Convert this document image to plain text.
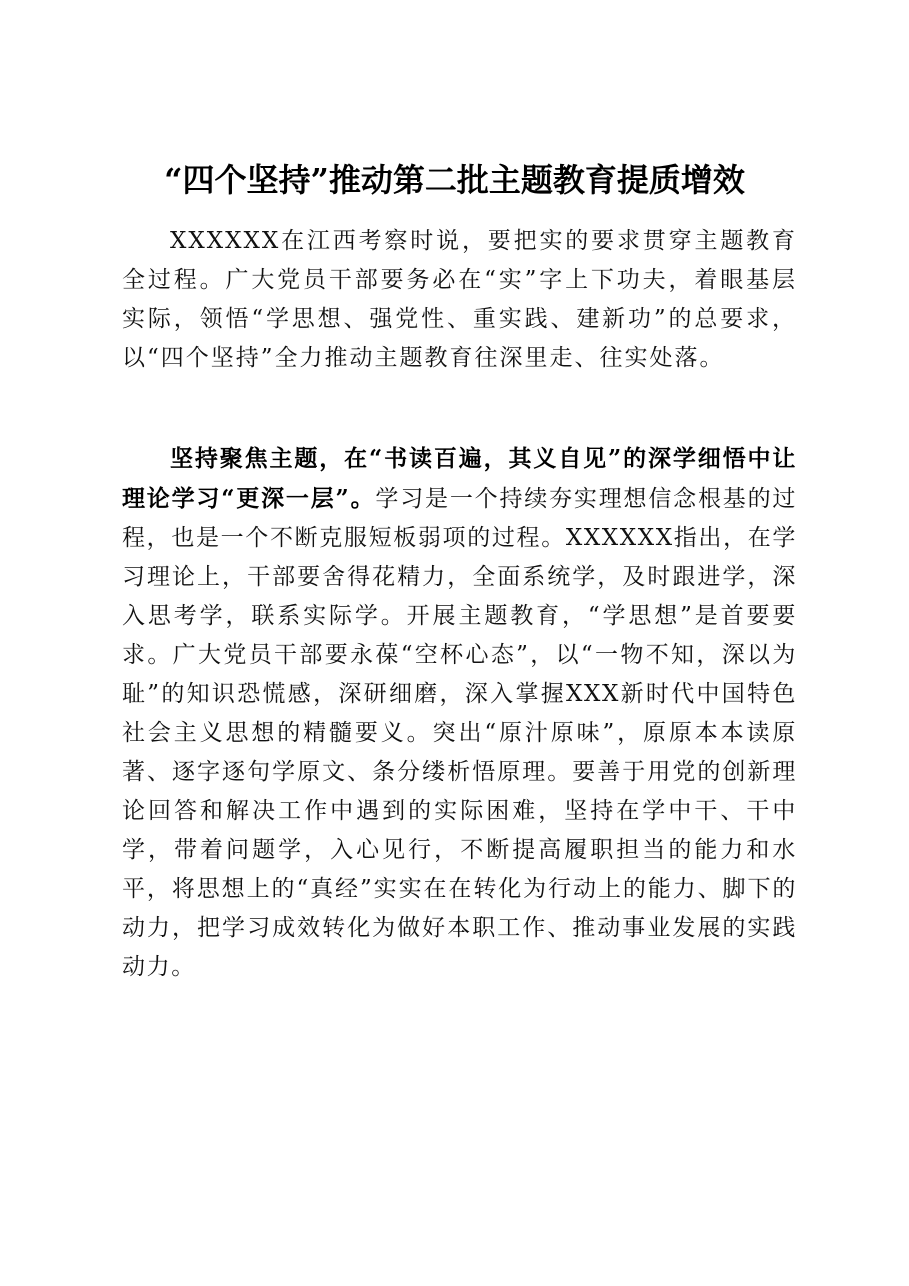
“四个坚持”推动第二批主题教育提质增效

XXXXXX在江西考察时说，要把实的要求贯穿主题教育全过程。广大党员干部要务必在“实”字上下功夫，着眼基层实际，领悟“学思想、强党性、重实践、建新功”的总要求，以“四个坚持”全力推动主题教育往深里走、往实处落。

坚持聚焦主题，在“书读百遍，其义自见”的深学细悟中让理论学习“更深一层”。学习是一个持续夯实理想信念根基的过程，也是一个不断克服短板弱项的过程。XXXXXX指出，在学习理论上，干部要舍得花精力，全面系统学，及时跟进学，深入思考学，联系实际学。开展主题教育，“学思想”是首要要求。广大党员干部要永葆“空杯心态”，以“一物不知，深以为耻”的知识恐慌感，深研细磨，深入掌握XXX新时代中国特色社会主义思想的精髓要义。突出“原汁原味”，原原本本读原著、逐字逐句学原文、条分缕析悟原理。要善于用党的创新理论回答和解决工作中遇到的实际困难，坚持在学中干、干中学，带着问题学，入心见行，不断提高履职担当的能力和水平，将思想上的“真经”实实在在转化为行动上的能力、脚下的动力，把学习成效转化为做好本职工作、推动事业发展的实践动力。
